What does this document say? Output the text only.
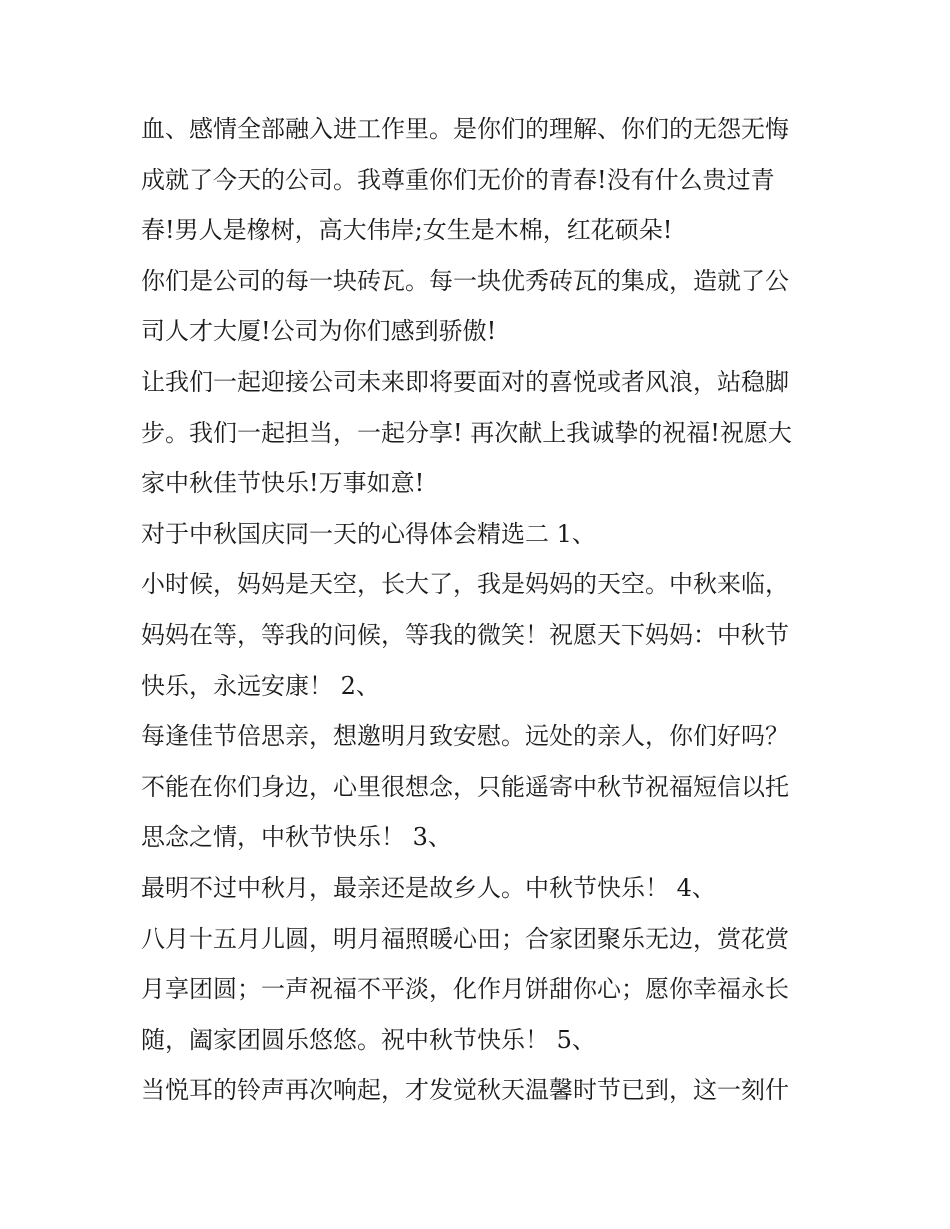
血、感情全部融入进工作里。是你们的理解、你们的无怨无悔
成就了今天的公司。我尊重你们无价的青春!没有什么贵过青
春!男人是橡树，高大伟岸;女生是木棉，红花硕朵!
你们是公司的每一块砖瓦。每一块优秀砖瓦的集成，造就了公
司人才大厦!公司为你们感到骄傲!
让我们一起迎接公司未来即将要面对的喜悦或者风浪，站稳脚
步。我们一起担当，一起分享! 再次献上我诚挚的祝福!祝愿大
家中秋佳节快乐!万事如意!
对于中秋国庆同一天的心得体会精选二 1、
小时候，妈妈是天空，长大了，我是妈妈的天空。中秋来临，
妈妈在等，等我的问候，等我的微笑！祝愿天下妈妈：中秋节
快乐，永远安康！ 2、
每逢佳节倍思亲，想邀明月致安慰。远处的亲人，你们好吗？
不能在你们身边，心里很想念，只能遥寄中秋节祝福短信以托
思念之情，中秋节快乐！ 3、
最明不过中秋月，最亲还是故乡人。中秋节快乐！ 4、
八月十五月儿圆，明月福照暖心田；合家团聚乐无边，赏花赏
月享团圆；一声祝福不平淡，化作月饼甜你心；愿你幸福永长
随，阖家团圆乐悠悠。祝中秋节快乐！ 5、
当悦耳的铃声再次响起，才发觉秋天温馨时节已到，这一刻什
